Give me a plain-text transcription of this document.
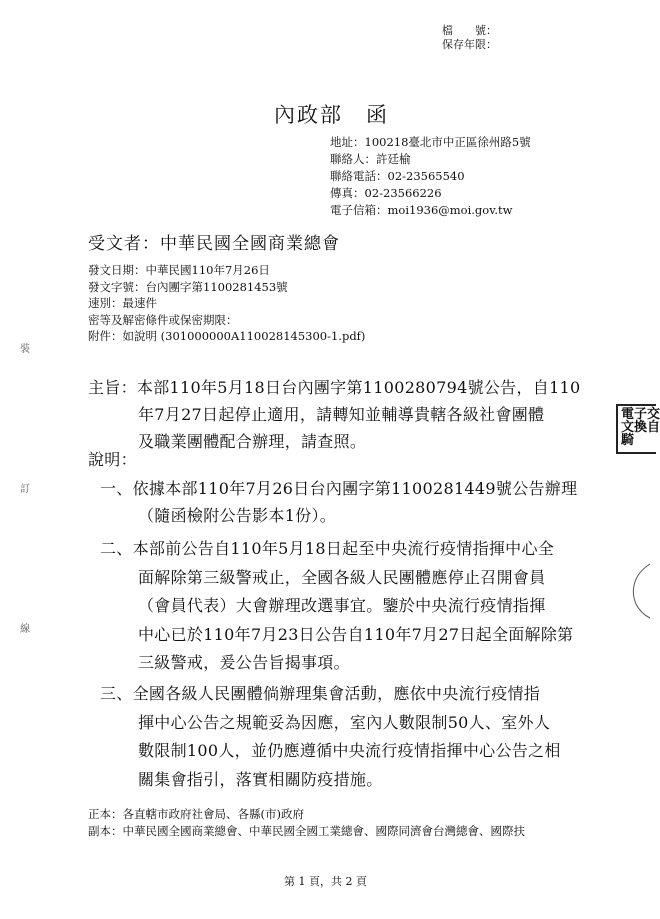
檔　　號：
保存年限：
內政部　函
地址：100218臺北市中正區徐州路5號
聯絡人：許廷榆
聯絡電話：02-23565540
傳真：02-23566226
電子信箱：moi1936@moi.gov.tw
受文者：中華民國全國商業總會
發文日期：中華民國110年7月26日
發文字號：台內團字第1100281453號
速別：最速件
密等及解密條件或保密期限：
附件：如說明 (301000000A110028145300-1.pdf)
主旨：本部110年5月18日台內團字第1100280794號公告，自110
年7月27日起停止適用，請轉知並輔導貴轄各級社會團體
及職業團體配合辦理，請查照。
說明：
一、依據本部110年7月26日台內團字第1100281449號公告辦理
（隨函檢附公告影本1份）。
二、本部前公告自110年5月18日起至中央流行疫情指揮中心全
面解除第三級警戒止，全國各級人民團體應停止召開會員
（會員代表）大會辦理改選事宜。鑒於中央流行疫情指揮
中心已於110年7月23日公告自110年7月27日起全面解除第
三級警戒，爰公告旨揭事項。
三、全國各級人民團體倘辦理集會活動，應依中央流行疫情指
揮中心公告之規範妥為因應，室內人數限制50人、室外人
數限制100人，並仍應遵循中央流行疫情指揮中心公告之相
關集會指引，落實相關防疫措施。
正本：各直轄市政府社會局、各縣(市)政府
副本：中華民國全國商業總會、中華民國全國工業總會、國際同濟會台灣總會、國際扶
第 1 頁，共 2 頁
電子交
文換自
騎
裝
訂
線
